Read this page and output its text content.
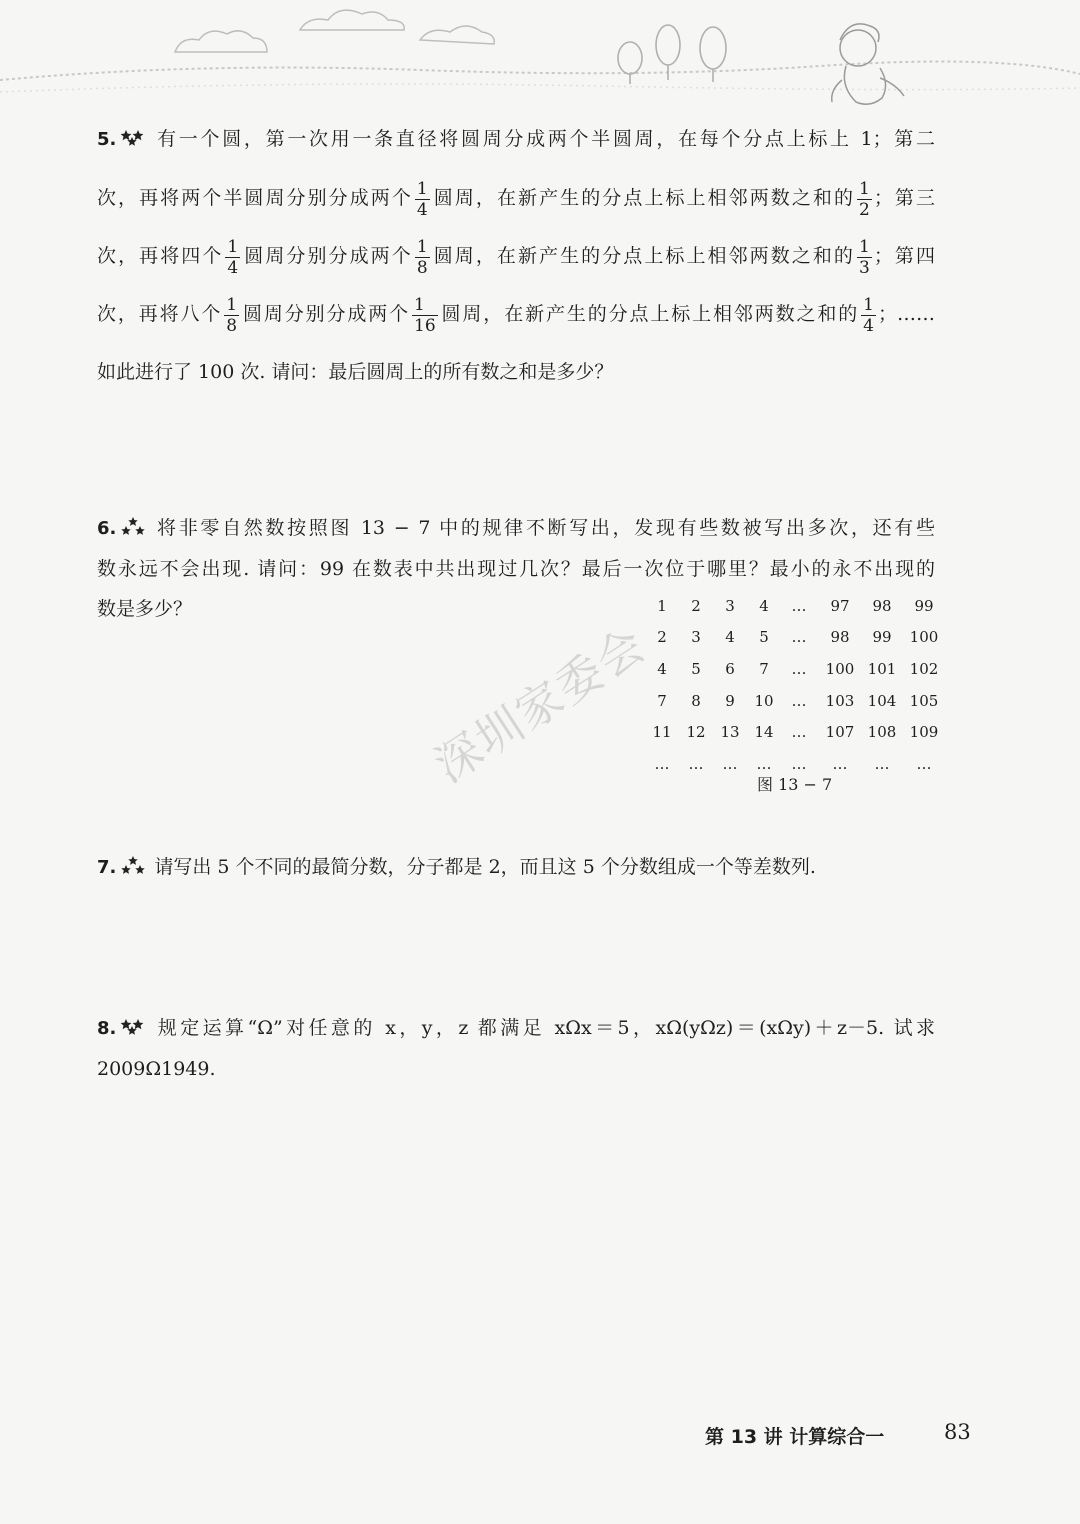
深圳家委会
5. 有一个圆，第一次用一条直径将圆周分成两个半圆周，在每个分点上标上 1；第二
次，再将两个半圆周分别分成两个 $\frac{1}{4}$ 圆周，在新产生的分点上标上相邻两数之和的 $\frac{1}{2}$ ；第三
次，再将四个 $\frac{1}{4}$ 圆周分别分成两个 $\frac{1}{8}$ 圆周，在新产生的分点上标上相邻两数之和的 $\frac{1}{3}$ ；第四
次，再将八个 $\frac{1}{8}$ 圆周分别分成两个 $\frac{1}{16}$ 圆周，在新产生的分点上标上相邻两数之和的 $\frac{1}{4}$ ；……
如此进行了 100 次. 请问：最后圆周上的所有数之和是多少？
6. 将非零自然数按照图 13 − 7 中的规律不断写出，发现有些数被写出多次，还有些
数永远不会出现. 请问：99 在数表中共出现过几次？最后一次位于哪里？最小的永不出现的
数是多少？	1	2	3	4	…	97	98	99
2	3	4	5	…	98	99	100
4	5	6	7	…	100	101	102
7	8	9	10	…	103	104	105
11	12	13	14	…	107	108	109
…	…	…	…	…	…	…	…
图 13 − 7
7. 请写出 5 个不同的最简分数，分子都是 2，而且这 5 个分数组成一个等差数列.
8. 规定运算“Ω”对任意的 x，y，z 都满足 xΩx＝5，xΩ(yΩz)＝(xΩy)＋z－5. 试求
2009Ω1949.
第 13 讲 计算综合一	83
